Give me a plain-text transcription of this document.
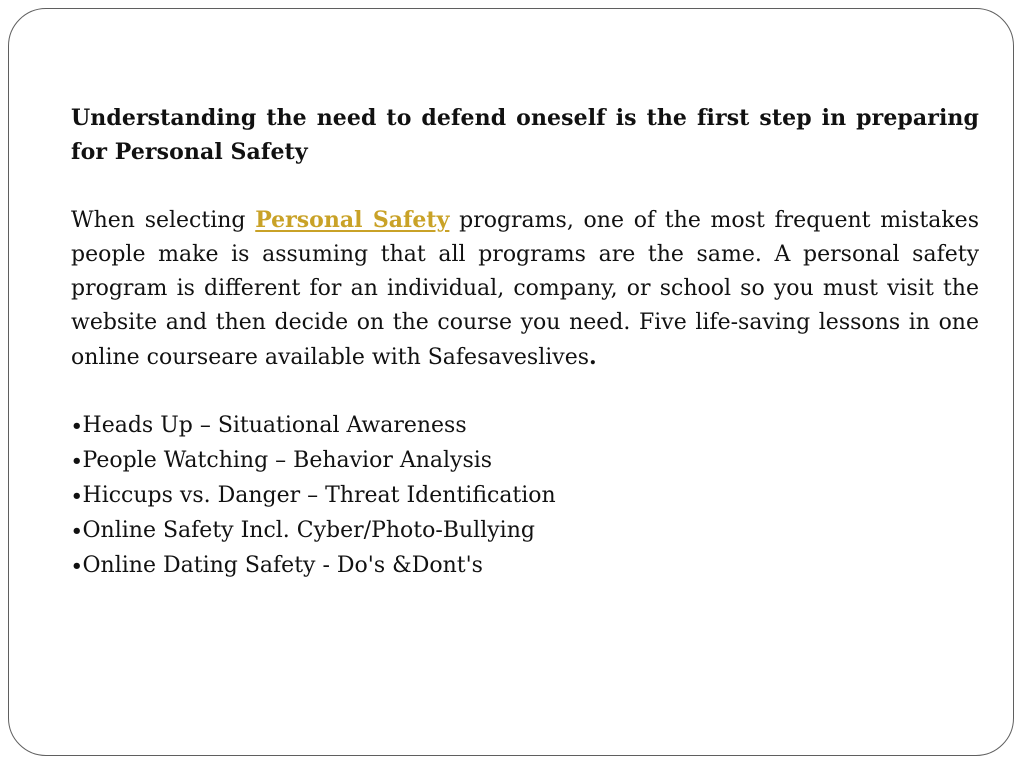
Understanding the need to defend oneself is the first step in preparing for Personal Safety

When selecting Personal Safety programs, one of the most frequent mistakes people make is assuming that all programs are the same. A personal safety program is different for an individual, company, or school so you must visit the website and then decide on the course you need. Five life-saving lessons in one online courseare available with Safesaveslives.

•Heads Up – Situational Awareness
•People Watching – Behavior Analysis
•Hiccups vs. Danger – Threat Identification
•Online Safety Incl. Cyber/Photo-Bullying
•Online Dating Safety - Do's &Dont's
